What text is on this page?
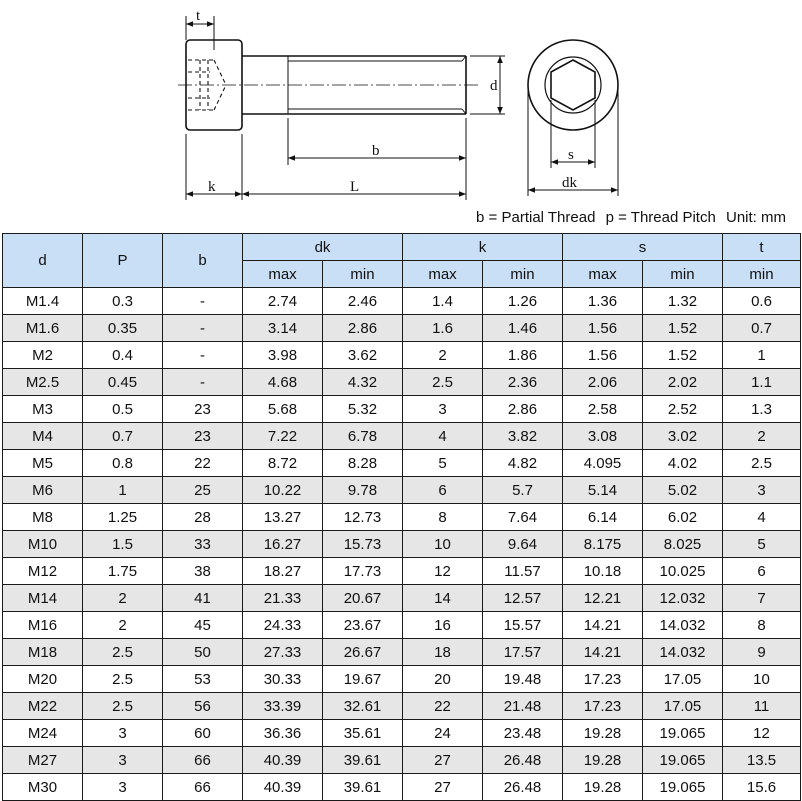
t
d
b
k	L
s
dk
b = Partial Thread p = Thread Pitch Unit: mm
d	P	b	dk		k		s		t
			max	min	max	min	max	min	min
M1.4	0.3	-	2.74	2.46	1.4	1.26	1.36	1.32	0.6
M1.6	0.35	-	3.14	2.86	1.6	1.46	1.56	1.52	0.7
M2	0.4	-	3.98	3.62	2	1.86	1.56	1.52	1
M2.5	0.45	-	4.68	4.32	2.5	2.36	2.06	2.02	1.1
M3	0.5	23	5.68	5.32	3	2.86	2.58	2.52	1.3
M4	0.7	23	7.22	6.78	4	3.82	3.08	3.02	2
M5	0.8	22	8.72	8.28	5	4.82	4.095	4.02	2.5
M6	1	25	10.22	9.78	6	5.7	5.14	5.02	3
M8	1.25	28	13.27	12.73	8	7.64	6.14	6.02	4
M10	1.5	33	16.27	15.73	10	9.64	8.175	8.025	5
M12	1.75	38	18.27	17.73	12	11.57	10.18	10.025	6
M14	2	41	21.33	20.67	14	12.57	12.21	12.032	7
M16	2	45	24.33	23.67	16	15.57	14.21	14.032	8
M18	2.5	50	27.33	26.67	18	17.57	14.21	14.032	9
M20	2.5	53	30.33	19.67	20	19.48	17.23	17.05	10
M22	2.5	56	33.39	32.61	22	21.48	17.23	17.05	11
M24	3	60	36.36	35.61	24	23.48	19.28	19.065	12
M27	3	66	40.39	39.61	27	26.48	19.28	19.065	13.5
M30	3	66	40.39	39.61	27	26.48	19.28	19.065	15.6
